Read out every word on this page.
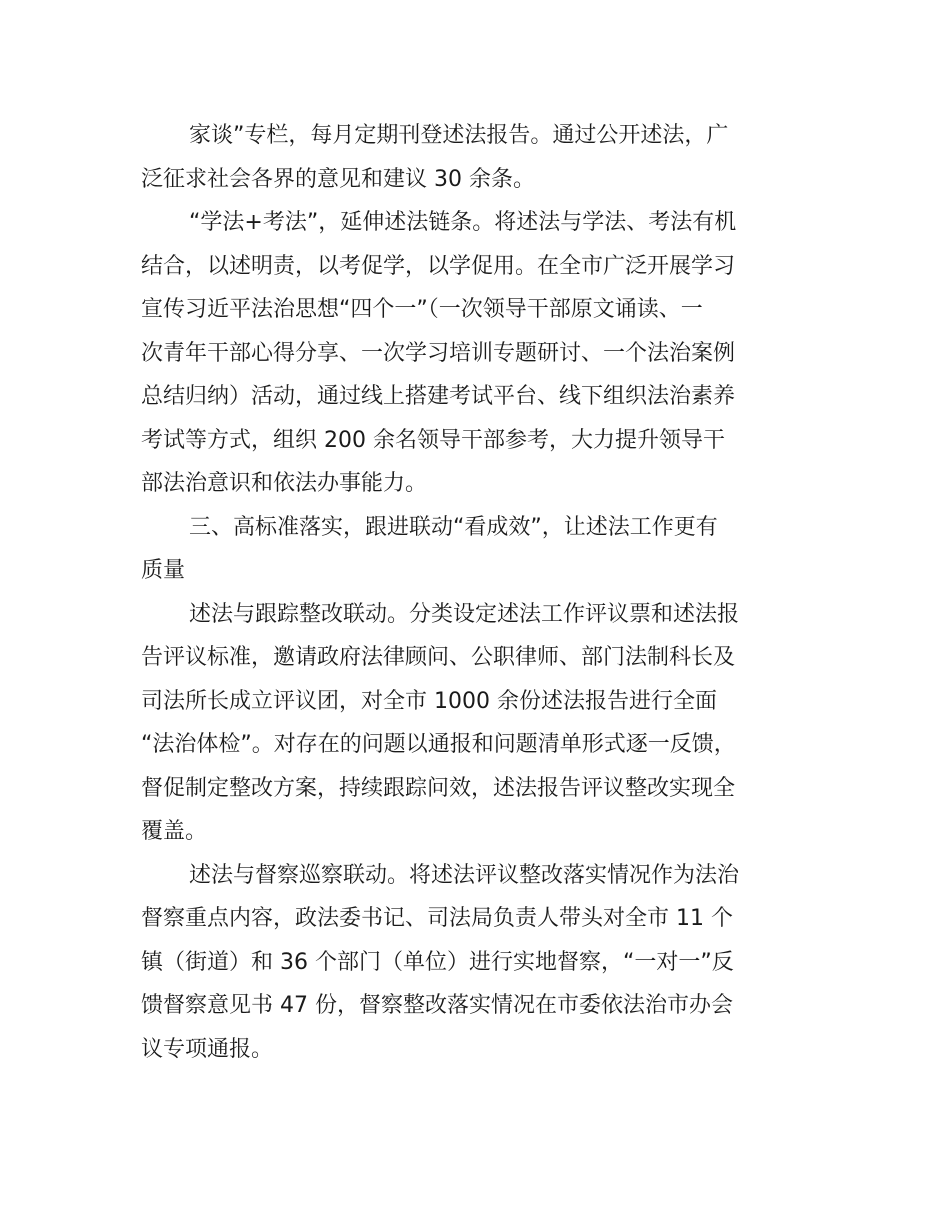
家谈”专栏，每月定期刊登述法报告。通过公开述法，广
泛征求社会各界的意见和建议 30 余条。

“学法+考法”，延伸述法链条。将述法与学法、考法有机
结合，以述明责，以考促学，以学促用。在全市广泛开展学习
宣传习近平法治思想“四个一”（一次领导干部原文诵读、一
次青年干部心得分享、一次学习培训专题研讨、一个法治案例
总结归纳）活动，通过线上搭建考试平台、线下组织法治素养
考试等方式，组织 200 余名领导干部参考，大力提升领导干
部法治意识和依法办事能力。

三、高标准落实，跟进联动“看成效”，让述法工作更有
质量

述法与跟踪整改联动。分类设定述法工作评议票和述法报
告评议标准，邀请政府法律顾问、公职律师、部门法制科长及
司法所长成立评议团，对全市 1000 余份述法报告进行全面
“法治体检”。对存在的问题以通报和问题清单形式逐一反馈，
督促制定整改方案，持续跟踪问效，述法报告评议整改实现全
覆盖。

述法与督察巡察联动。将述法评议整改落实情况作为法治
督察重点内容，政法委书记、司法局负责人带头对全市 11 个
镇（街道）和 36 个部门（单位）进行实地督察，“一对一”反
馈督察意见书 47 份，督察整改落实情况在市委依法治市办会
议专项通报。
